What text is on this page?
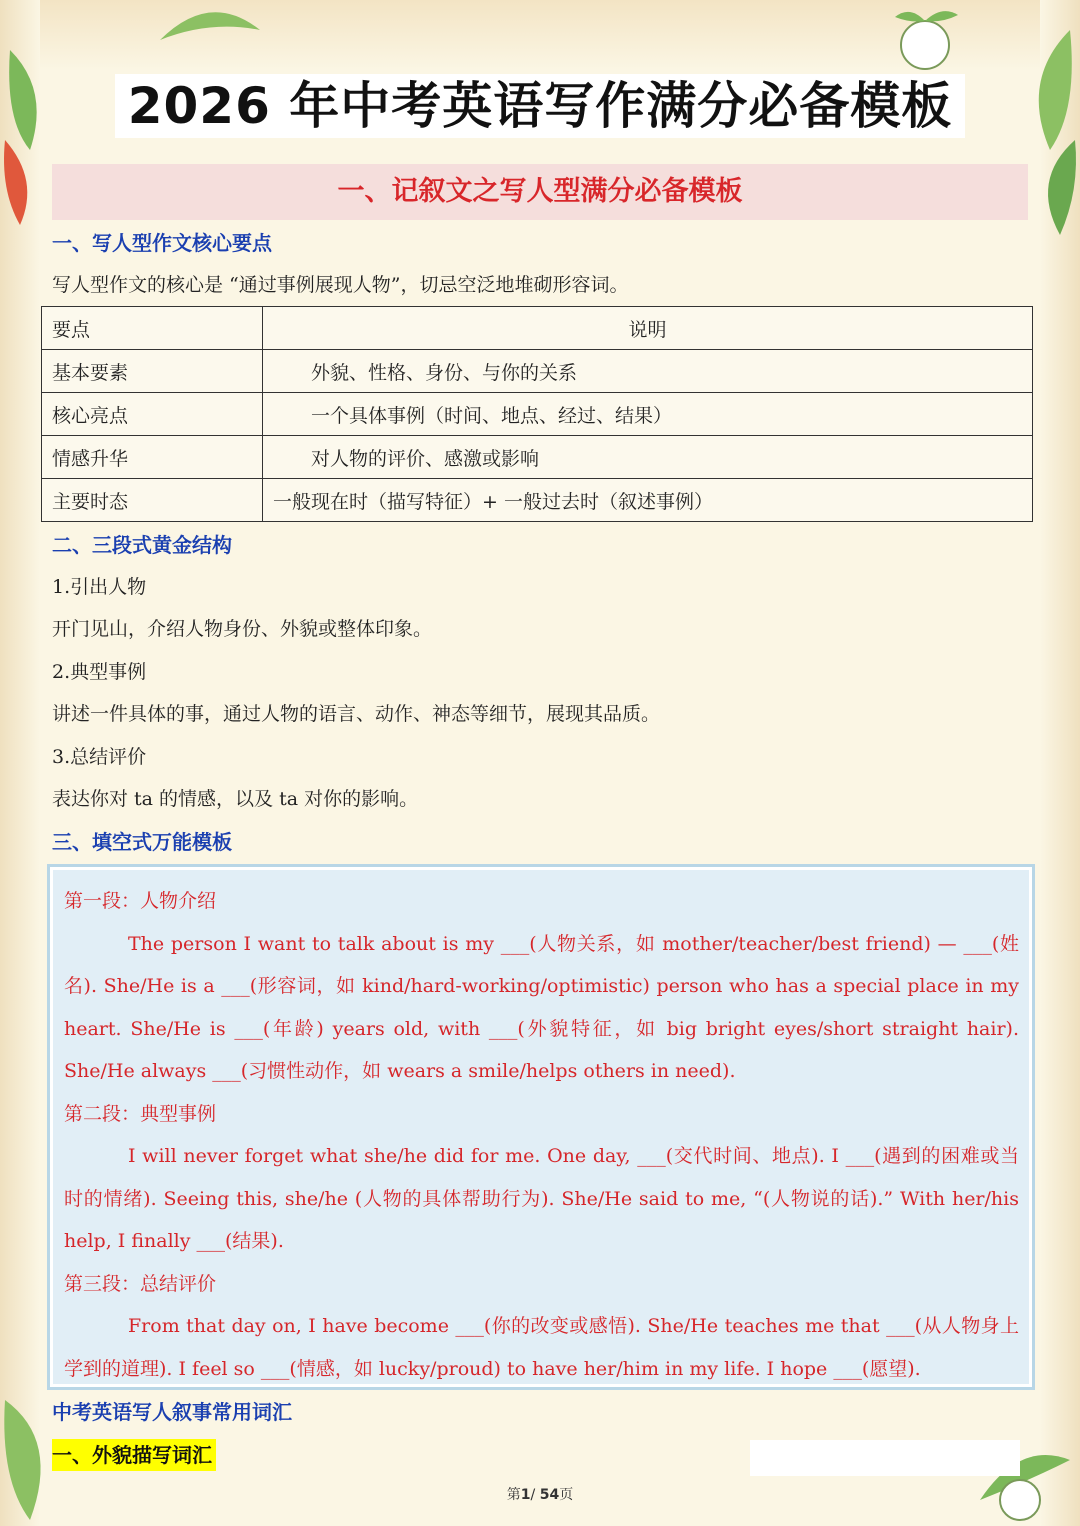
2026 年中考英语写作满分必备模板
一、记叙文之写人型满分必备模板
一、写人型作文核心要点

写人型作文的核心是 “通过事例展现人物”，切忌空泛地堆砌形容词。

要点	说明
基本要素	外貌、性格、身份、与你的关系
核心亮点	一个具体事例（时间、地点、经过、结果）
情感升华	对人物的评价、感激或影响
主要时态	一般现在时（描写特征）+ 一般过去时（叙述事例）
二、三段式黄金结构

1.引出人物

开门见山，介绍人物身份、外貌或整体印象。

2.典型事例

讲述一件具体的事，通过人物的语言、动作、神态等细节，展现其品质。

3.总结评价

表达你对 ta 的情感，以及 ta 对你的影响。

三、填空式万能模板
第一段：人物介绍

The person I want to talk about is my ___(人物关系，如 mother/teacher/best friend) — ___(姓名). She/He is a ___(形容词，如 kind/hard-working/optimistic) person who has a special place in my heart. She/He is ___(年龄) years old, with ___(外貌特征，如 big bright eyes/short straight hair). She/He always ___(习惯性动作，如 wears a smile/helps others in need).

第二段：典型事例

I will never forget what she/he did for me. One day, ___(交代时间、地点). I ___(遇到的困难或当时的情绪). Seeing this, she/he (人物的具体帮助行为). She/He said to me, “(人物说的话).” With her/his help, I finally ___(结果).

第三段：总结评价

From that day on, I have become ___(你的改变或感悟). She/He teaches me that ___(从人物身上学到的道理). I feel so ___(情感，如 lucky/proud) to have her/him in my life. I hope ___(愿望).

中考英语写人叙事常用词汇
一、外貌描写词汇
第1/ 54页
